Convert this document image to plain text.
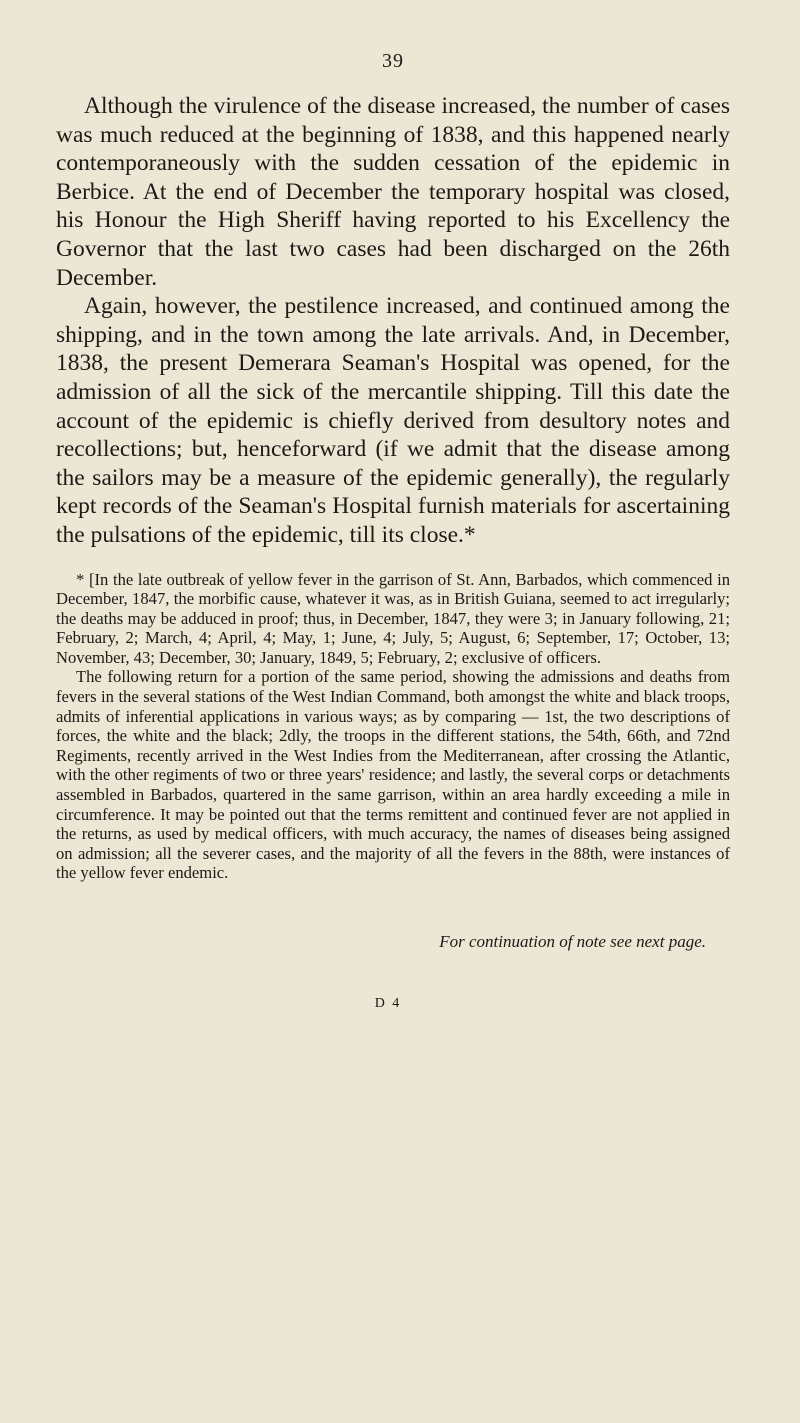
39

Although the virulence of the disease increased, the number of cases was much reduced at the beginning of 1838, and this happened nearly contemporaneously with the sudden cessation of the epidemic in Berbice. At the end of December the temporary hospital was closed, his Honour the High Sheriff having reported to his Excellency the Governor that the last two cases had been discharged on the 26th December.

Again, however, the pestilence increased, and continued among the shipping, and in the town among the late arrivals. And, in December, 1838, the present Demerara Seaman's Hospital was opened, for the admission of all the sick of the mercantile shipping. Till this date the account of the epidemic is chiefly derived from desultory notes and recollections; but, henceforward (if we admit that the disease among the sailors may be a measure of the epidemic generally), the regularly kept records of the Seaman's Hospital furnish materials for ascertaining the pulsations of the epidemic, till its close.*

* [In the late outbreak of yellow fever in the garrison of St. Ann, Barbados, which commenced in December, 1847, the morbific cause, whatever it was, as in British Guiana, seemed to act irregularly; the deaths may be adduced in proof; thus, in December, 1847, they were 3; in January following, 21; February, 2; March, 4; April, 4; May, 1; June, 4; July, 5; August, 6; September, 17; October, 13; November, 43; December, 30; January, 1849, 5; February, 2; exclusive of officers.

The following return for a portion of the same period, showing the admissions and deaths from fevers in the several stations of the West Indian Command, both amongst the white and black troops, admits of inferential applications in various ways; as by comparing — 1st, the two descriptions of forces, the white and the black; 2dly, the troops in the different stations, the 54th, 66th, and 72nd Regiments, recently arrived in the West Indies from the Mediterranean, after crossing the Atlantic, with the other regiments of two or three years' residence; and lastly, the several corps or detachments assembled in Barbados, quartered in the same garrison, within an area hardly exceeding a mile in circumference. It may be pointed out that the terms remittent and continued fever are not applied in the returns, as used by medical officers, with much accuracy, the names of diseases being assigned on admission; all the severer cases, and the majority of all the fevers in the 88th, were instances of the yellow fever endemic.

For continuation of note see next page.
D 4
